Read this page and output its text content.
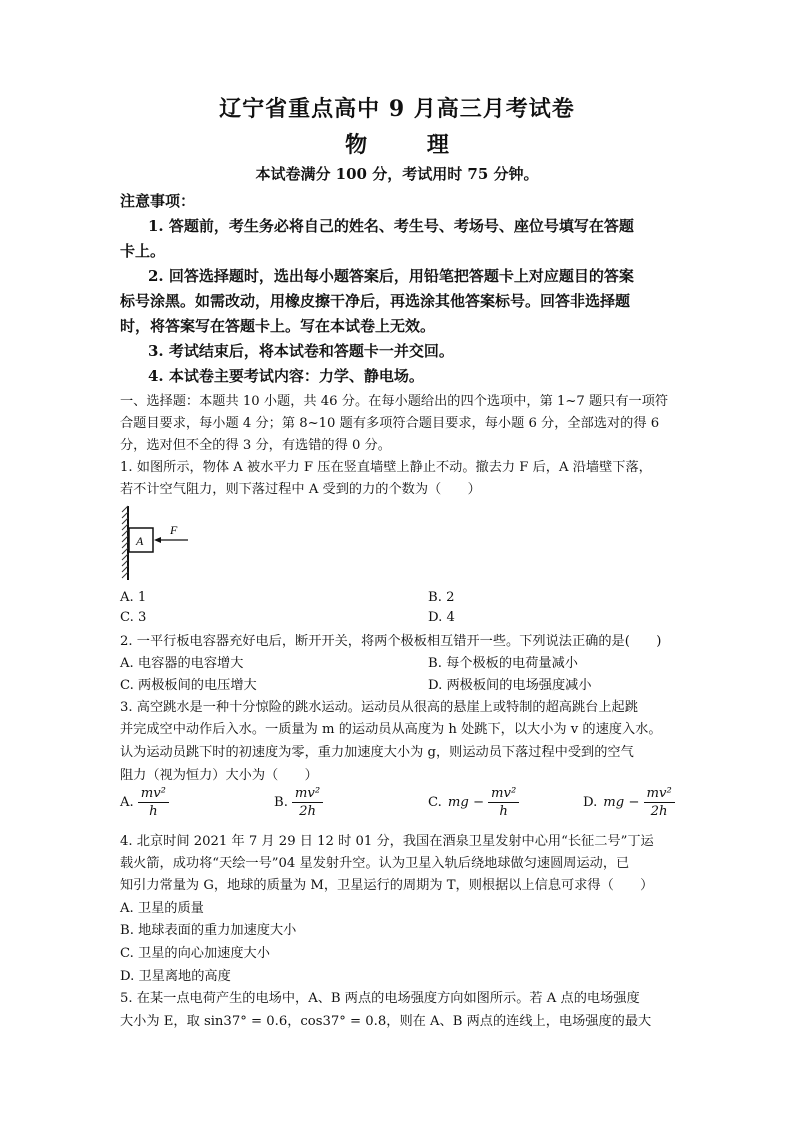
辽宁省重点高中 9 月高三月考试卷
物 理
本试卷满分 100 分，考试用时 75 分钟。
注意事项：
1. 答题前，考生务必将自己的姓名、考生号、考场号、座位号填写在答题
卡上。
2. 回答选择题时，选出每小题答案后，用铅笔把答题卡上对应题目的答案
标号涂黑。如需改动，用橡皮擦干净后，再选涂其他答案标号。回答非选择题
时，将答案写在答题卡上。写在本试卷上无效。
3. 考试结束后，将本试卷和答题卡一并交回。
4. 本试卷主要考试内容：力学、静电场。
一、选择题：本题共 10 小题，共 46 分。在每小题给出的四个选项中，第 1~7 题只有一项符
合题目要求，每小题 4 分；第 8~10 题有多项符合题目要求，每小题 6 分，全部选对的得 6
分，选对但不全的得 3 分，有选错的得 0 分。
1. 如图所示，物体 A 被水平力 F 压在竖直墙壁上静止不动。撤去力 F 后，A 沿墙壁下落，
若不计空气阻力，则下落过程中 A 受到的力的个数为（　　）
A
F
A. 1	B. 2
C. 3	D. 4
2. 一平行板电容器充好电后，断开开关，将两个极板相互错开一些。下列说法正确的是(　　)
A. 电容器的电容增大	B. 每个极板的电荷量减小
C. 两极板间的电压增大	D. 两极板间的电场强度减小
3. 高空跳水是一种十分惊险的跳水运动。运动员从很高的悬崖上或特制的超高跳台上起跳
并完成空中动作后入水。一质量为 m 的运动员从高度为 h 处跳下，以大小为 v 的速度入水。
认为运动员跳下时的初速度为零，重力加速度大小为 g，则运动员下落过程中受到的空气
阻力（视为恒力）大小为（　　）
A. $\frac{\text{mv²}}{h}$	B. $\frac{\text{mv²}}{2h}$	C. mg − $\frac{\text{mv²}}{h}$	D. mg − $\frac{\text{mv²}}{2h}$
4. 北京时间 2021 年 7 月 29 日 12 时 01 分，我国在酒泉卫星发射中心用“长征二号”丁运
载火箭，成功将“天绘一号”04 星发射升空。认为卫星入轨后绕地球做匀速圆周运动，已
知引力常量为 G，地球的质量为 M，卫星运行的周期为 T，则根据以上信息可求得（　　）
A. 卫星的质量
B. 地球表面的重力加速度大小
C. 卫星的向心加速度大小
D. 卫星离地的高度
5. 在某一点电荷产生的电场中，A、B 两点的电场强度方向如图所示。若 A 点的电场强度
大小为 E，取 sin37° = 0.6，cos37° = 0.8，则在 A、B 两点的连线上，电场强度的最大
